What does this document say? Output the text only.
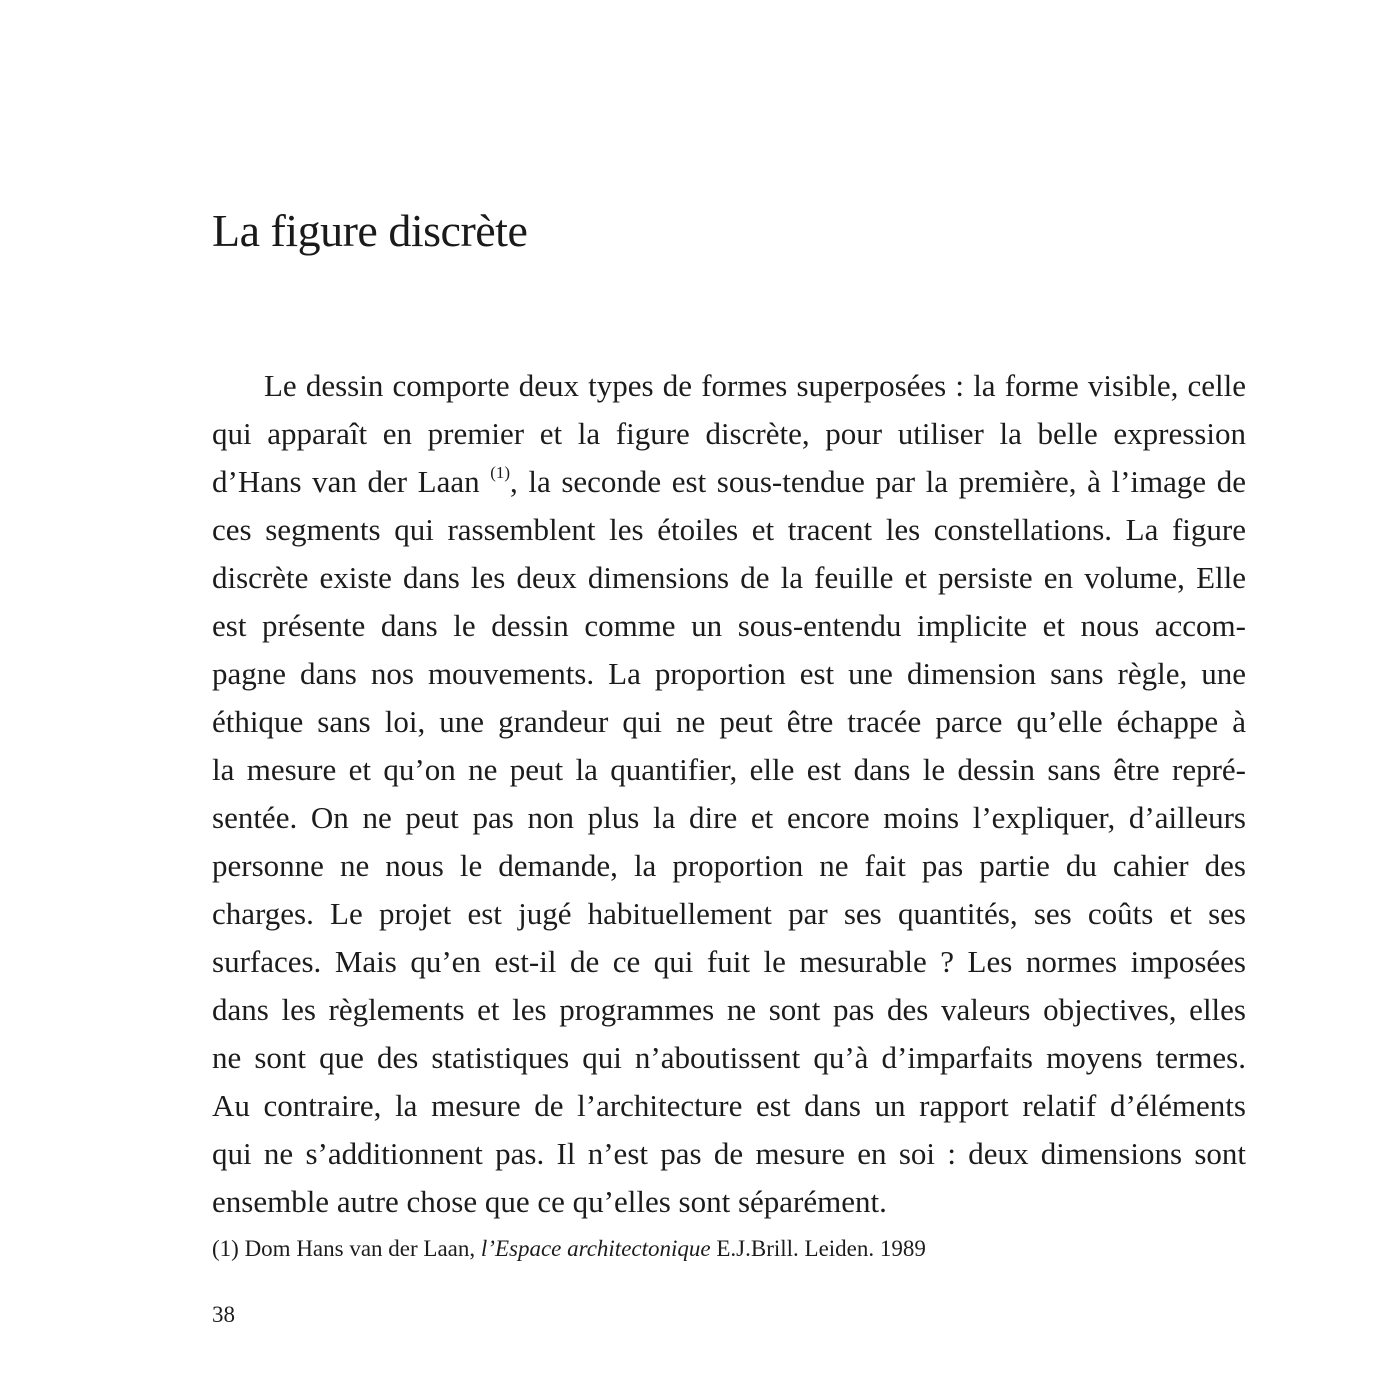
La figure discrète
Le dessin comporte deux types de formes superposées : la forme visible, celle
qui apparaît en premier et la figure discrète, pour utiliser la belle expression
d’Hans van der Laan $^{(1)}$, la seconde est sous-tendue par la première, à l’image de
ces segments qui rassemblent les étoiles et tracent les constellations. La figure
discrète existe dans les deux dimensions de la feuille et persiste en volume, Elle
est présente dans le dessin comme un sous-entendu implicite et nous accom-
pagne dans nos mouvements. La proportion est une dimension sans règle, une
éthique sans loi, une grandeur qui ne peut être tracée parce qu’elle échappe à
la mesure et qu’on ne peut la quantifier, elle est dans le dessin sans être repré-
sentée. On ne peut pas non plus la dire et encore moins l’expliquer, d’ailleurs
personne ne nous le demande, la proportion ne fait pas partie du cahier des
charges. Le projet est jugé habituellement par ses quantités, ses coûts et ses
surfaces. Mais qu’en est-il de ce qui fuit le mesurable ? Les normes imposées
dans les règlements et les programmes ne sont pas des valeurs objectives, elles
ne sont que des statistiques qui n’aboutissent qu’à d’imparfaits moyens termes.
Au contraire, la mesure de l’architecture est dans un rapport relatif d’éléments
qui ne s’additionnent pas. Il n’est pas de mesure en soi : deux dimensions sont
ensemble autre chose que ce qu’elles sont séparément.

(1) Dom Hans van der Laan, l’Espace architectonique E.J.Brill. Leiden. 1989

38
